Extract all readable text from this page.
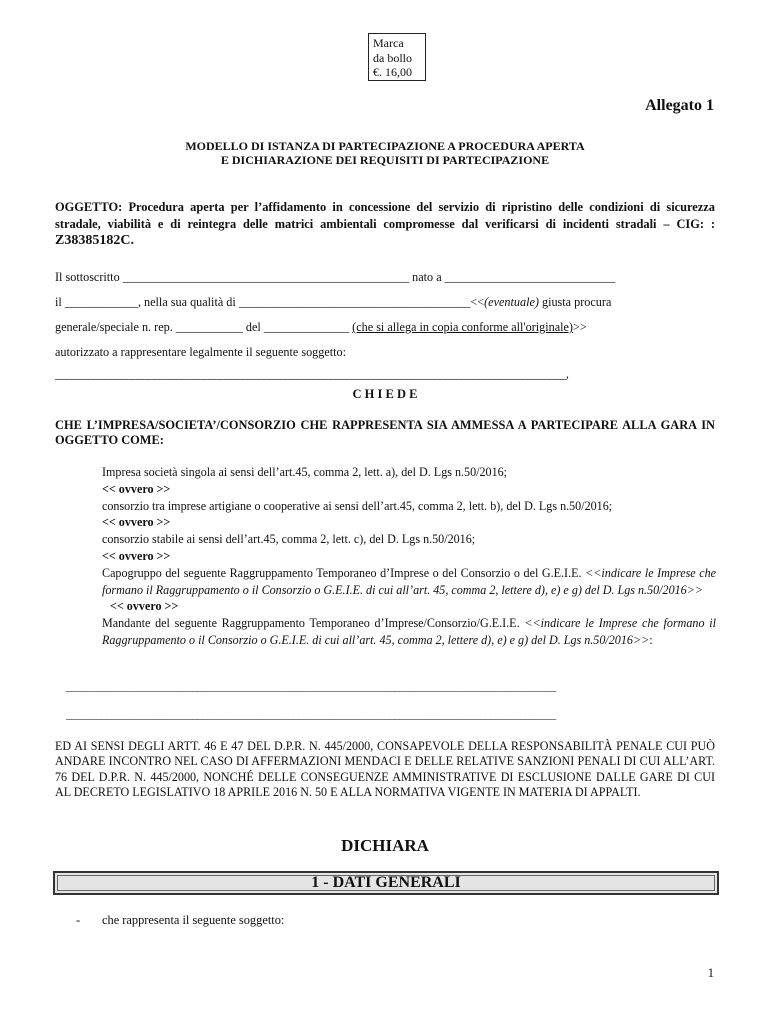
Marca
da bollo
€. 16,00
Allegato 1
MODELLO DI ISTANZA DI PARTECIPAZIONE A PROCEDURA APERTA
E DICHIARAZIONE DEI REQUISITI DI PARTECIPAZIONE
OGGETTO: Procedura aperta per l’affidamento in concessione del servizio di ripristino delle condizioni di sicurezza stradale, viabilità e di reintegra delle matrici ambientali compromesse dal verificarsi di incidenti stradali – CIG: : Z38385182C.
Il sottoscritto _______________________________________________ nato a ____________________________
il ____________, nella sua qualità di ______________________________________<<(eventuale) giusta procura
generale/speciale n. rep. ___________ del ______________ (che si allega in copia conforme all'originale)>>
autorizzato a rappresentare legalmente il seguente soggetto:
_____________________________________________________________________________________________,
C H I E D E
CHE L’IMPRESA/SOCIETA’/CONSORZIO CHE RAPPRESENTA SIA AMMESSA A PARTECIPARE ALLA GARA IN OGGETTO COME:
Impresa società singola ai sensi dell’art.45, comma 2, lett. a), del D. Lgs n.50/2016;
<< ovvero >>
consorzio tra imprese artigiane o cooperative ai sensi dell’art.45, comma 2, lett. b), del D. Lgs n.50/2016;
<< ovvero >>
consorzio stabile ai sensi dell’art.45, comma 2, lett. c), del D. Lgs n.50/2016;
<< ovvero >>
Capogruppo del seguente Raggruppamento Temporaneo d’Imprese o del Consorzio o del G.E.I.E. <<indicare le Imprese che formano il Raggruppamento o il Consorzio o G.E.I.E. di cui all’art. 45, comma 2, lettere d), e) e g) del D. Lgs n.50/2016>>
<< ovvero >>
Mandante del seguente Raggruppamento Temporaneo d’Imprese/Consorzio/G.E.I.E. <<indicare le Imprese che formano il Raggruppamento o il Consorzio o G.E.I.E. di cui all’art. 45, comma 2, lettere d), e) e g) del D. Lgs n.50/2016>>:
_________________________________________________________________________________________________
_________________________________________________________________________________________________
ED AI SENSI DEGLI ARTT. 46 E 47 DEL D.P.R. N. 445/2000, CONSAPEVOLE DELLA RESPONSABILITÀ PENALE CUI PUÒ ANDARE INCONTRO NEL CASO DI AFFERMAZIONI MENDACI E DELLE RELATIVE SANZIONI PENALI DI CUI ALL’ART. 76 DEL D.P.R. N. 445/2000, NONCHÉ DELLE CONSEGUENZE AMMINISTRATIVE DI ESCLUSIONE DALLE GARE DI CUI AL DECRETO LEGISLATIVO 18 APRILE 2016 N. 50 E ALLA NORMATIVA VIGENTE IN MATERIA DI APPALTI.
DICHIARA
1 - DATI GENERALI
- che rappresenta il seguente soggetto:
1
